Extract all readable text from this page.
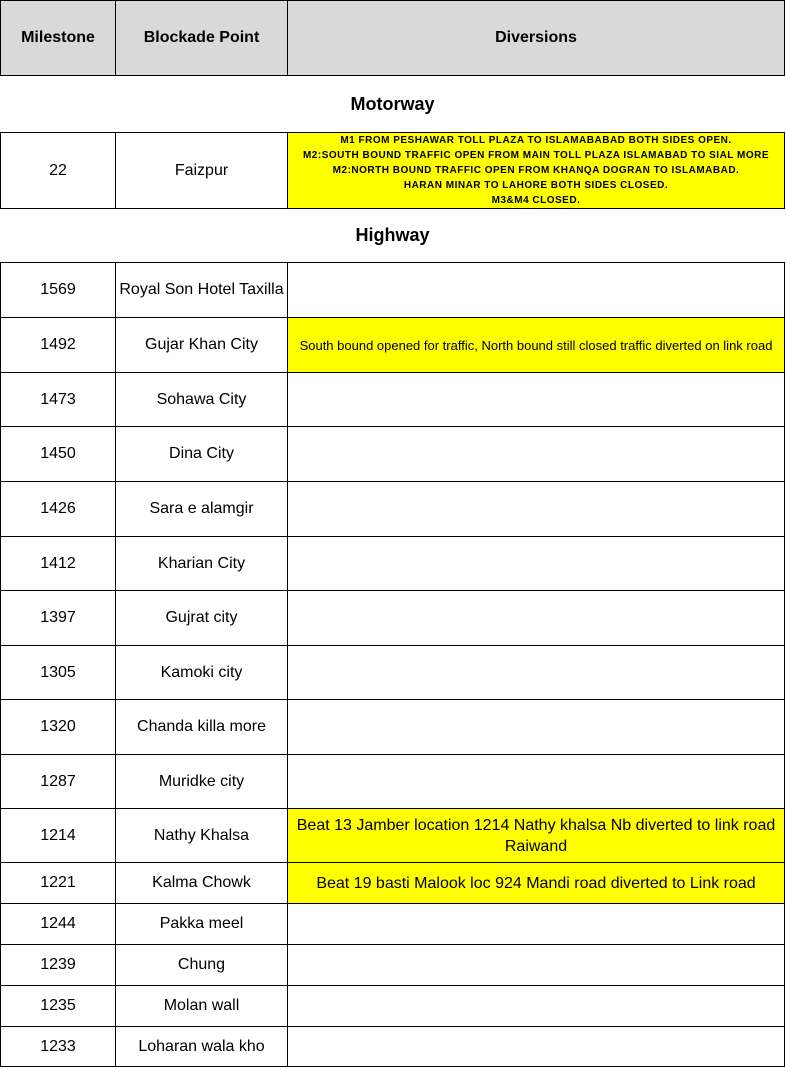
Milestone	Blockade Point	Diversions
Motorway		
22	Faizpur	M1 FROM PESHAWAR TOLL PLAZA TO ISLAMABABAD BOTH SIDES OPEN.
M2:SOUTH BOUND TRAFFIC OPEN FROM MAIN TOLL PLAZA ISLAMABAD TO SIAL MORE
M2:NORTH BOUND TRAFFIC OPEN FROM KHANQA DOGRAN TO ISLAMABAD.
HARAN MINAR TO LAHORE BOTH SIDES CLOSED.
M3&M4 CLOSED.

Highway		
1569	Royal Son Hotel Taxilla	
1492	Gujar Khan City	South bound opened for traffic, North bound still closed traffic diverted on link road
1473	Sohawa City	
1450	Dina City	
1426	Sara e alamgir	
1412	Kharian City	
1397	Gujrat city	
1305	Kamoki city	
1320	Chanda killa more	
1287	Muridke city	
1214	Nathy Khalsa	Beat 13 Jamber location 1214 Nathy khalsa Nb diverted to link road Raiwand
1221	Kalma Chowk	Beat 19 basti Malook loc 924 Mandi road diverted to Link road
1244	Pakka meel	
1239	Chung	
1235	Molan wall	
1233	Loharan wala kho	
